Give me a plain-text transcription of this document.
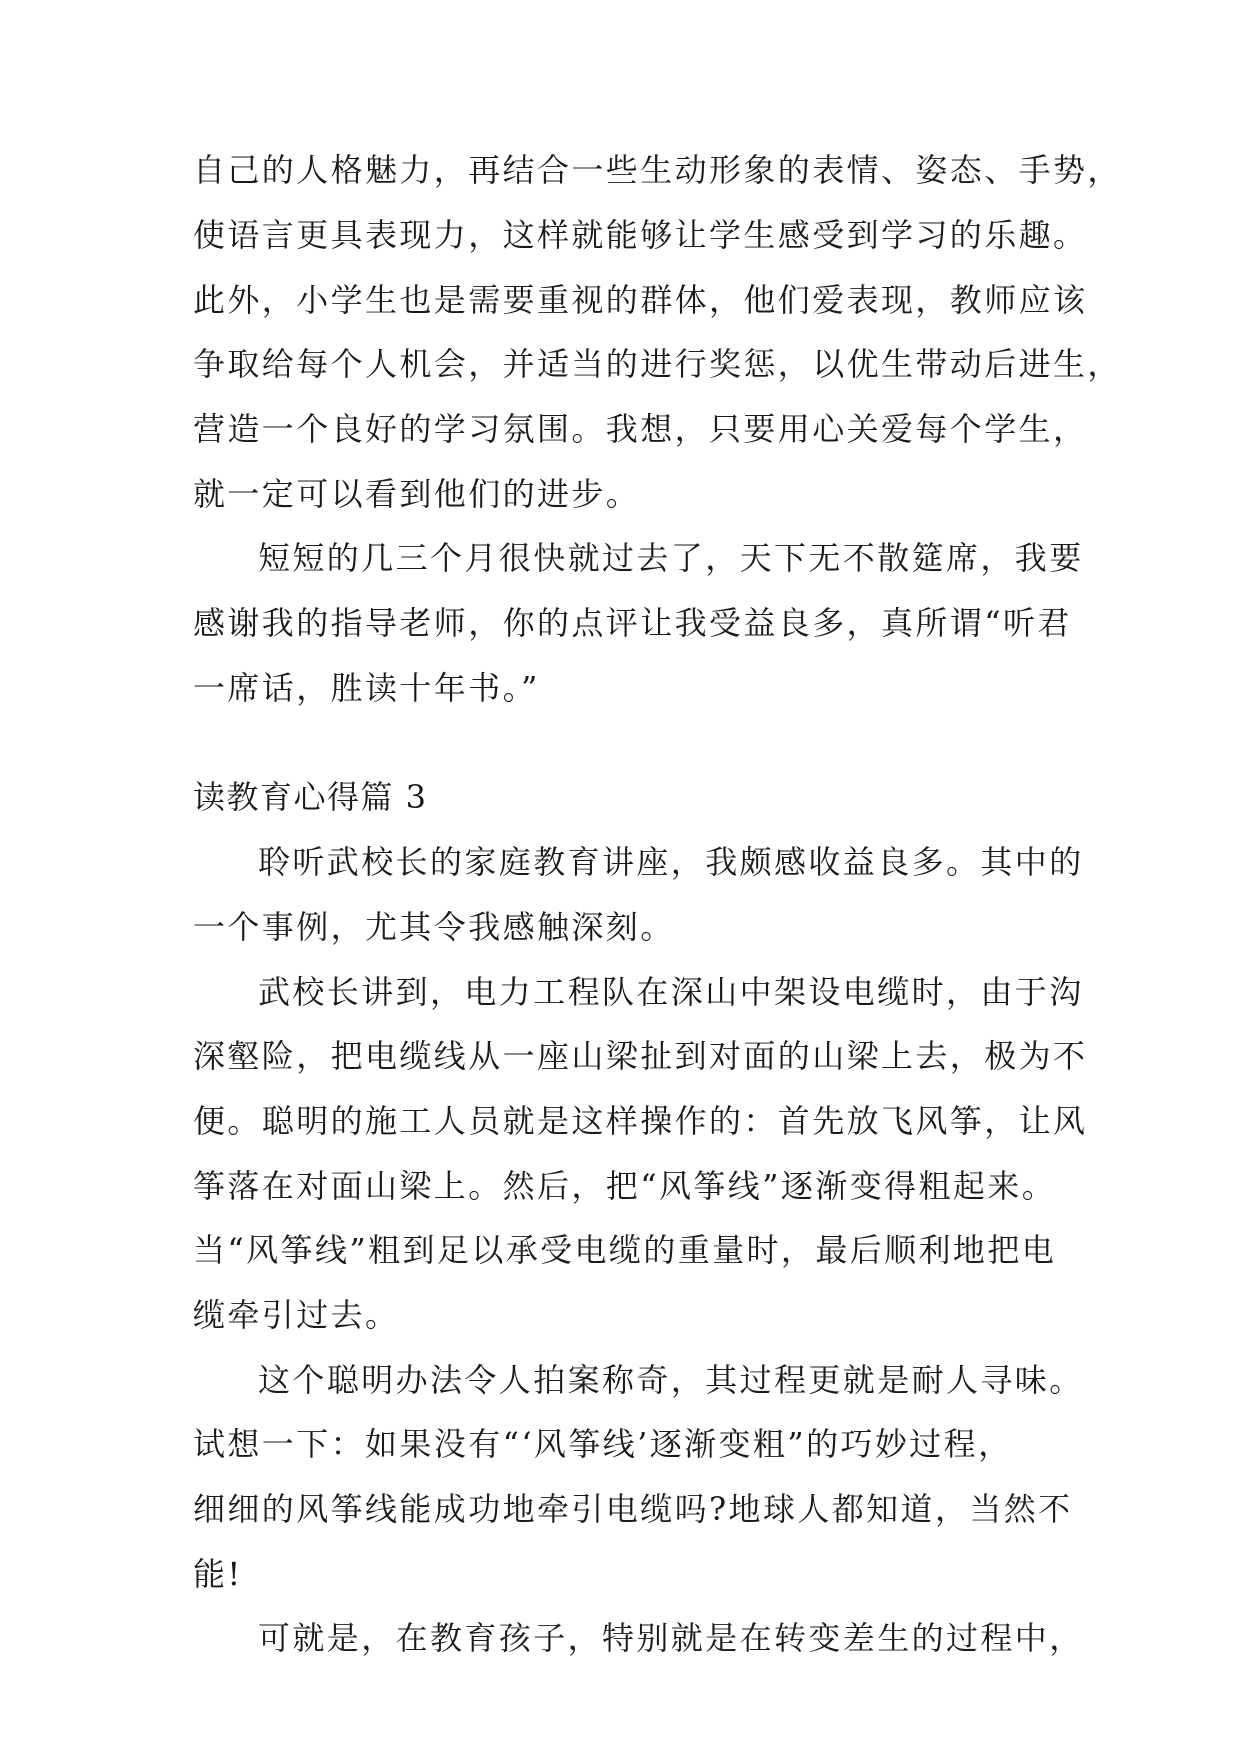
自己的人格魅力，再结合一些生动形象的表情、姿态、手势，
使语言更具表现力，这样就能够让学生感受到学习的乐趣。
此外，小学生也是需要重视的群体，他们爱表现，教师应该
争取给每个人机会，并适当的进行奖惩，以优生带动后进生，
营造一个良好的学习氛围。我想，只要用心关爱每个学生，
就一定可以看到他们的进步。
短短的几三个月很快就过去了，天下无不散筵席，我要
感谢我的指导老师，你的点评让我受益良多，真所谓“听君
一席话，胜读十年书。”
读教育心得篇 3
聆听武校长的家庭教育讲座，我颇感收益良多。其中的
一个事例，尤其令我感触深刻。
武校长讲到，电力工程队在深山中架设电缆时，由于沟
深壑险，把电缆线从一座山梁扯到对面的山梁上去，极为不
便。聪明的施工人员就是这样操作的：首先放飞风筝，让风
筝落在对面山梁上。然后，把“风筝线”逐渐变得粗起来。
当“风筝线”粗到足以承受电缆的重量时，最后顺利地把电
缆牵引过去。
这个聪明办法令人拍案称奇，其过程更就是耐人寻味。
试想一下：如果没有“‘风筝线’逐渐变粗”的巧妙过程，
细细的风筝线能成功地牵引电缆吗?地球人都知道，当然不
能!
可就是，在教育孩子，特别就是在转变差生的过程中，
